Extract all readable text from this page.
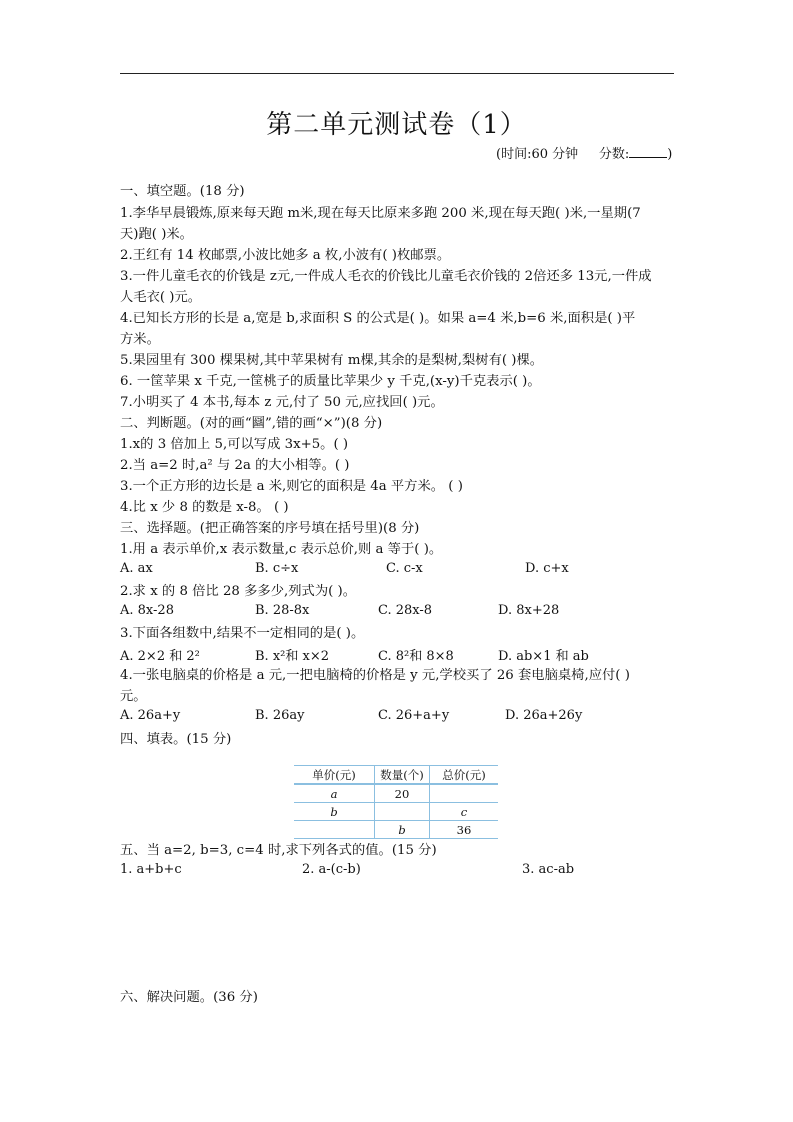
第二单元测试卷（1）
(时间:60 分钟 分数:	)
一、填空题。(18 分)
1.李华早晨锻炼,原来每天跑 m米,现在每天比原来多跑 200 米,现在每天跑( )米,一星期(7
天)跑( )米。
2.王红有 14 枚邮票,小波比她多 a 枚,小波有( )枚邮票。
3.一件儿童毛衣的价钱是 z元,一件成人毛衣的价钱比儿童毛衣价钱的 2倍还多 13元,一件成
人毛衣( )元。
4.已知长方形的长是 a,宽是 b,求面积 S 的公式是( )。如果 a=4 米,b=6 米,面积是( )平
方米。
5.果园里有 300 棵果树,其中苹果树有 m棵,其余的是梨树,梨树有( )棵。
6. 一筐苹果 x 千克,一筐桃子的质量比苹果少 y 千克,(x-y)千克表示( )。
7.小明买了 4 本书,每本 z 元,付了 50 元,应找回( )元。
二、判断题。(对的画“圝”,错的画“×”)(8 分)
1.x的 3 倍加上 5,可以写成 3x+5。( )
2.当 a=2 时,a² 与 2a 的大小相等。( )
3.一个正方形的边长是 a 米,则它的面积是 4a 平方米。 ( )
4.比 x 少 8 的数是 x-8。 ( )
三、选择题。(把正确答案的序号填在括号里)(8 分)
1.用 a 表示单价,x 表示数量,c 表示总价,则 a 等于( )。
A. ax	B. c÷x	C. c-x	D. c+x
2.求 x 的 8 倍比 28 多多少,列式为( )。
A. 8x-28	B. 28-8x	C. 28x-8	D. 8x+28
3.下面各组数中,结果不一定相同的是( )。
A. 2×2 和 2²	B. x²和 x×2	C. 8²和 8×8	D. ab×1 和 ab
4.一张电脑桌的价格是 a 元,一把电脑椅的价格是 y 元,学校买了 26 套电脑桌椅,应付( )
元。
A. 26a+y	B. 26ay	C. 26+a+y	D. 26a+26y
四、填表。(15 分)
单价(元)	数量(个)	总价(元)
a	20	
b		c
	b	36
五、当 a=2, b=3, c=4 时,求下列各式的值。(15 分)
1. a+b+c	2. a-(c-b)	3. ac-ab
六、解决问题。(36 分)
